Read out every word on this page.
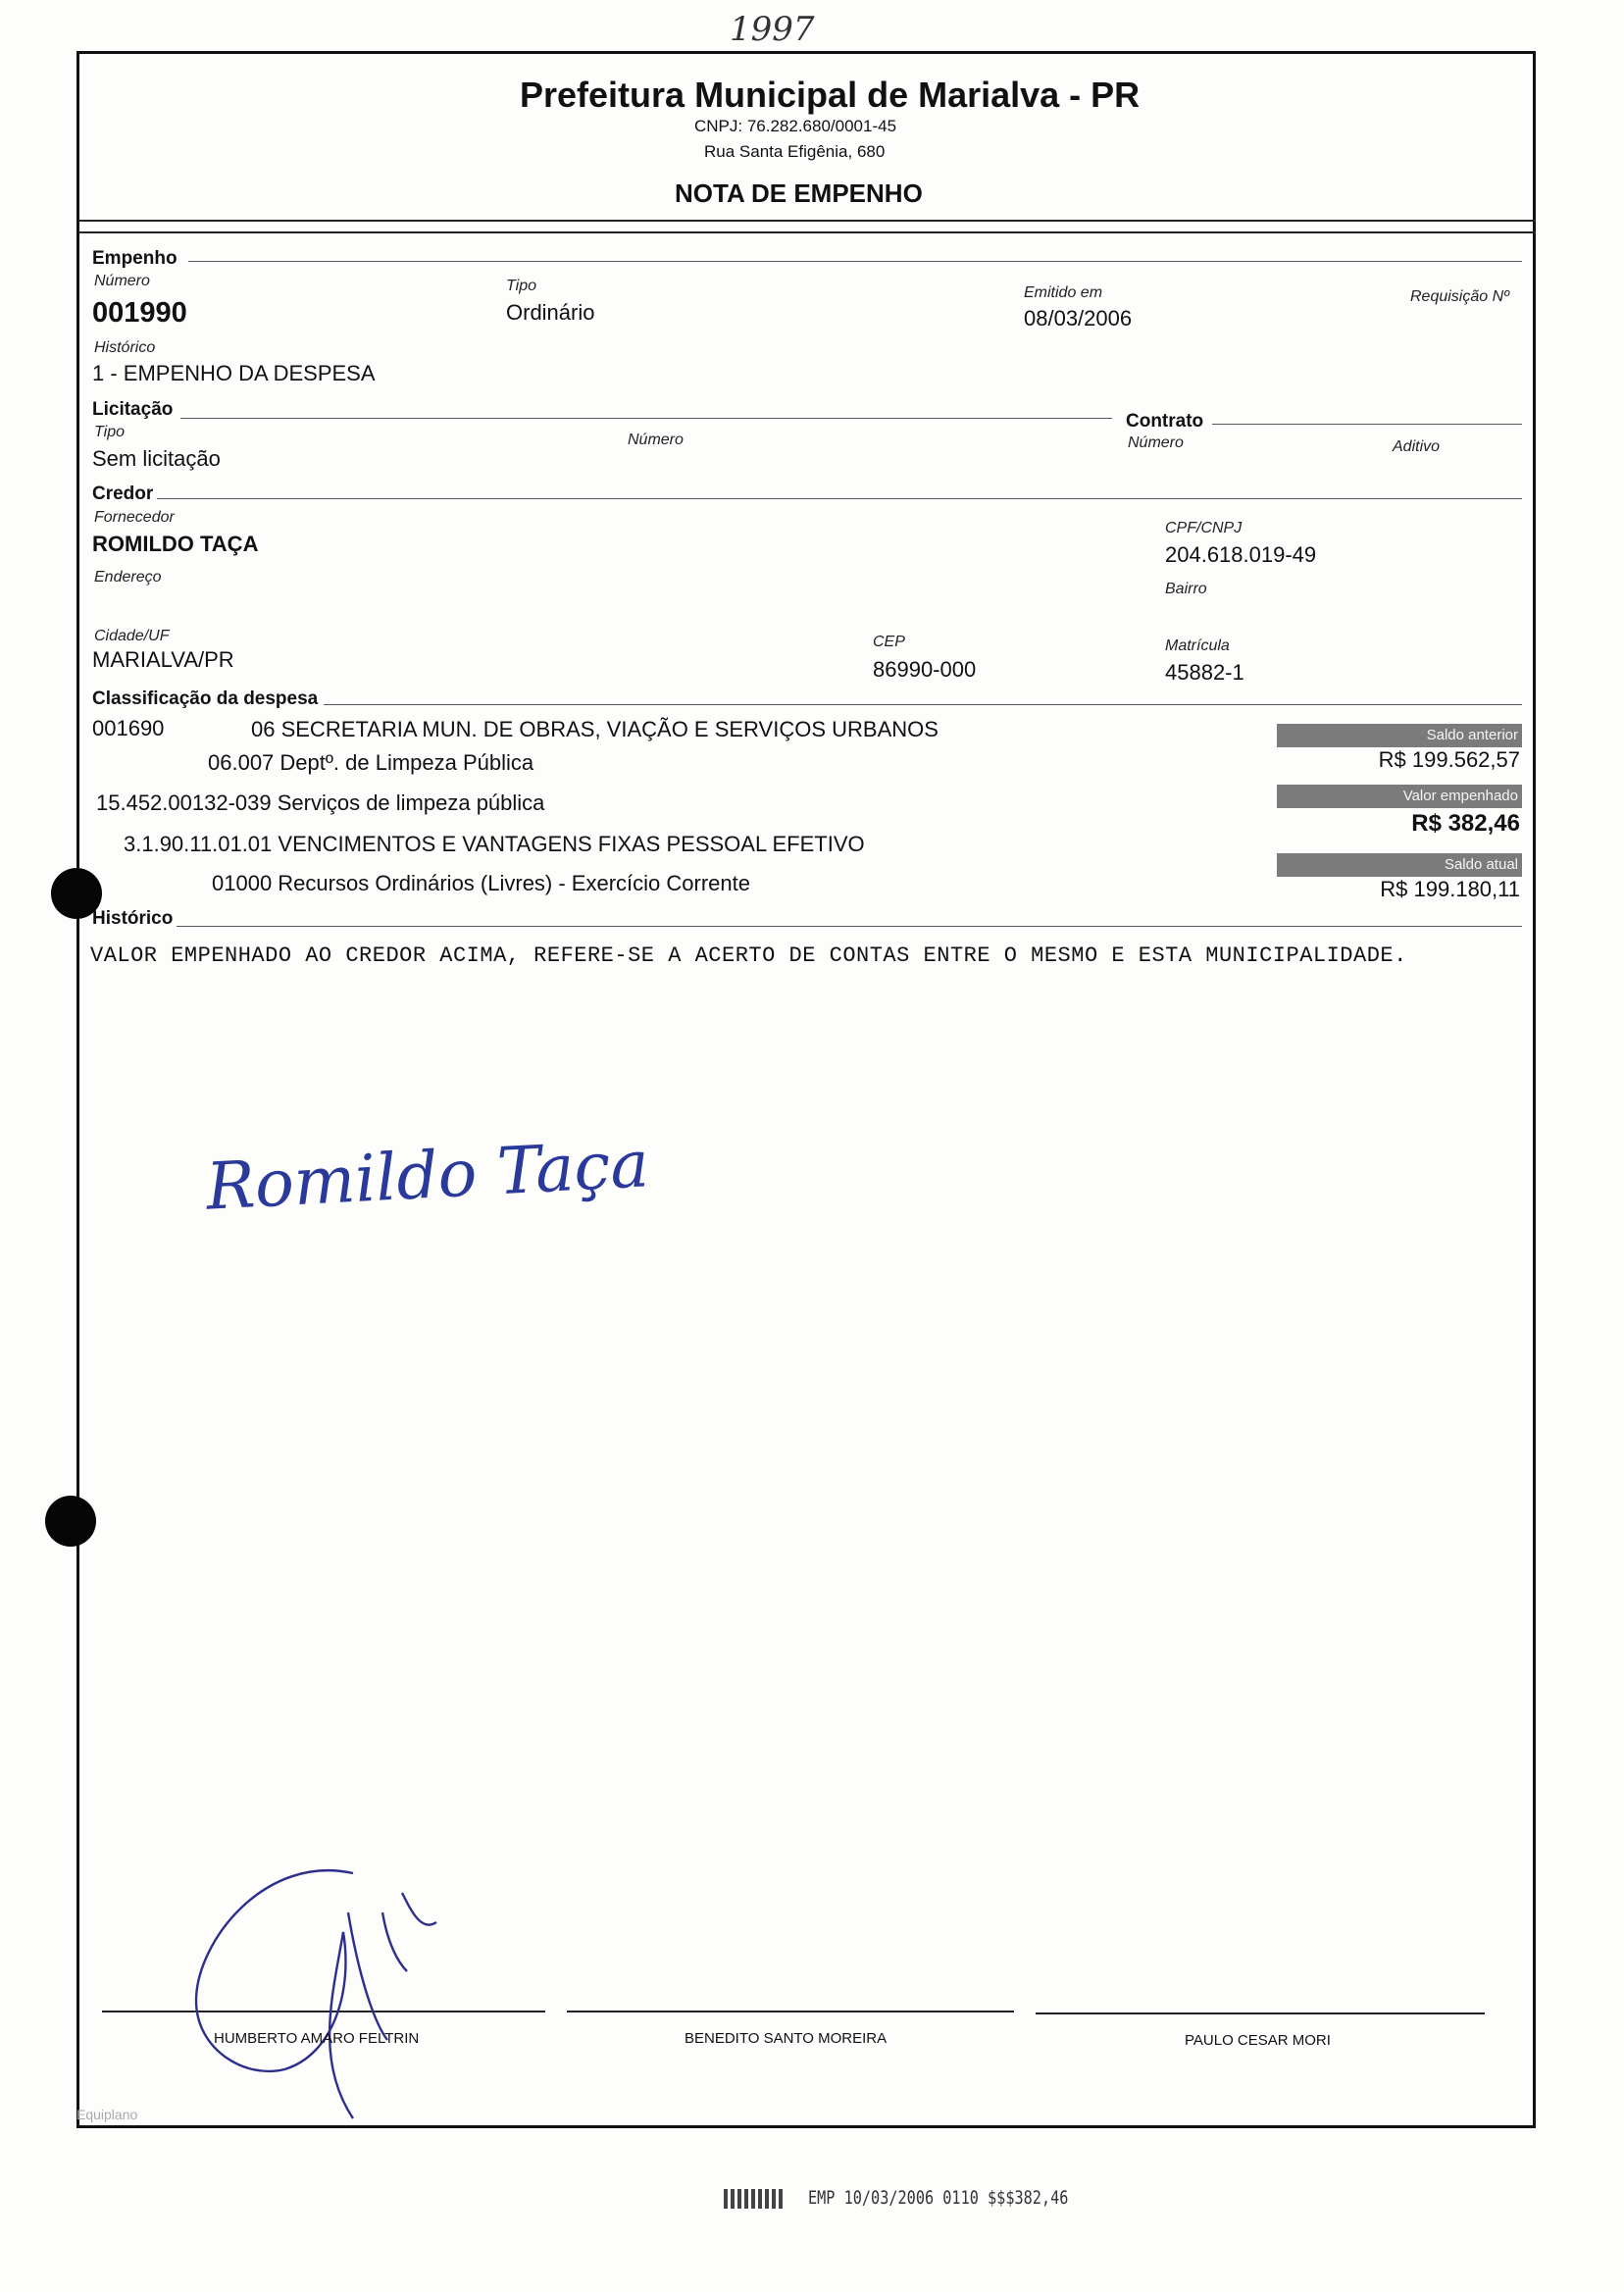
1997
Prefeitura Municipal de Marialva - PR
CNPJ: 76.282.680/0001-45
Rua Santa Efigênia, 680
NOTA DE EMPENHO
Empenho
Número
001990
Tipo
Ordinário
Emitido em
08/03/2006
Requisição Nº
Histórico
1 - EMPENHO DA DESPESA
Licitação
Tipo
Sem licitação
Número
Contrato
Número	Aditivo
Credor
Fornecedor
ROMILDO TAÇA
CPF/CNPJ
204.618.019-49
Endereço
Bairro
Cidade/UF
MARIALVA/PR
CEP
86990-000
Matrícula
45882-1
Classificação da despesa
001690	06 SECRETARIA MUN. DE OBRAS, VIAÇÃO E SERVIÇOS URBANOS
06.007 Deptº. de Limpeza Pública
15.452.00132-039 Serviços de limpeza pública
3.1.90.11.01.01 VENCIMENTOS E VANTAGENS FIXAS PESSOAL EFETIVO
01000 Recursos Ordinários (Livres) - Exercício Corrente
Saldo anterior
R$ 199.562,57
Valor empenhado
R$ 382,46
Saldo atual
R$ 199.180,11
Histórico
VALOR EMPENHADO AO CREDOR ACIMA, REFERE-SE A ACERTO DE CONTAS ENTRE O MESMO E ESTA MUNICIPALIDADE.
Romildo Taça
HUMBERTO AMARO FELTRIN	BENEDITO SANTO MOREIRA	PAULO CESAR MORI
Equiplano
EMP 10/03/2006 0110 $$$382,46
